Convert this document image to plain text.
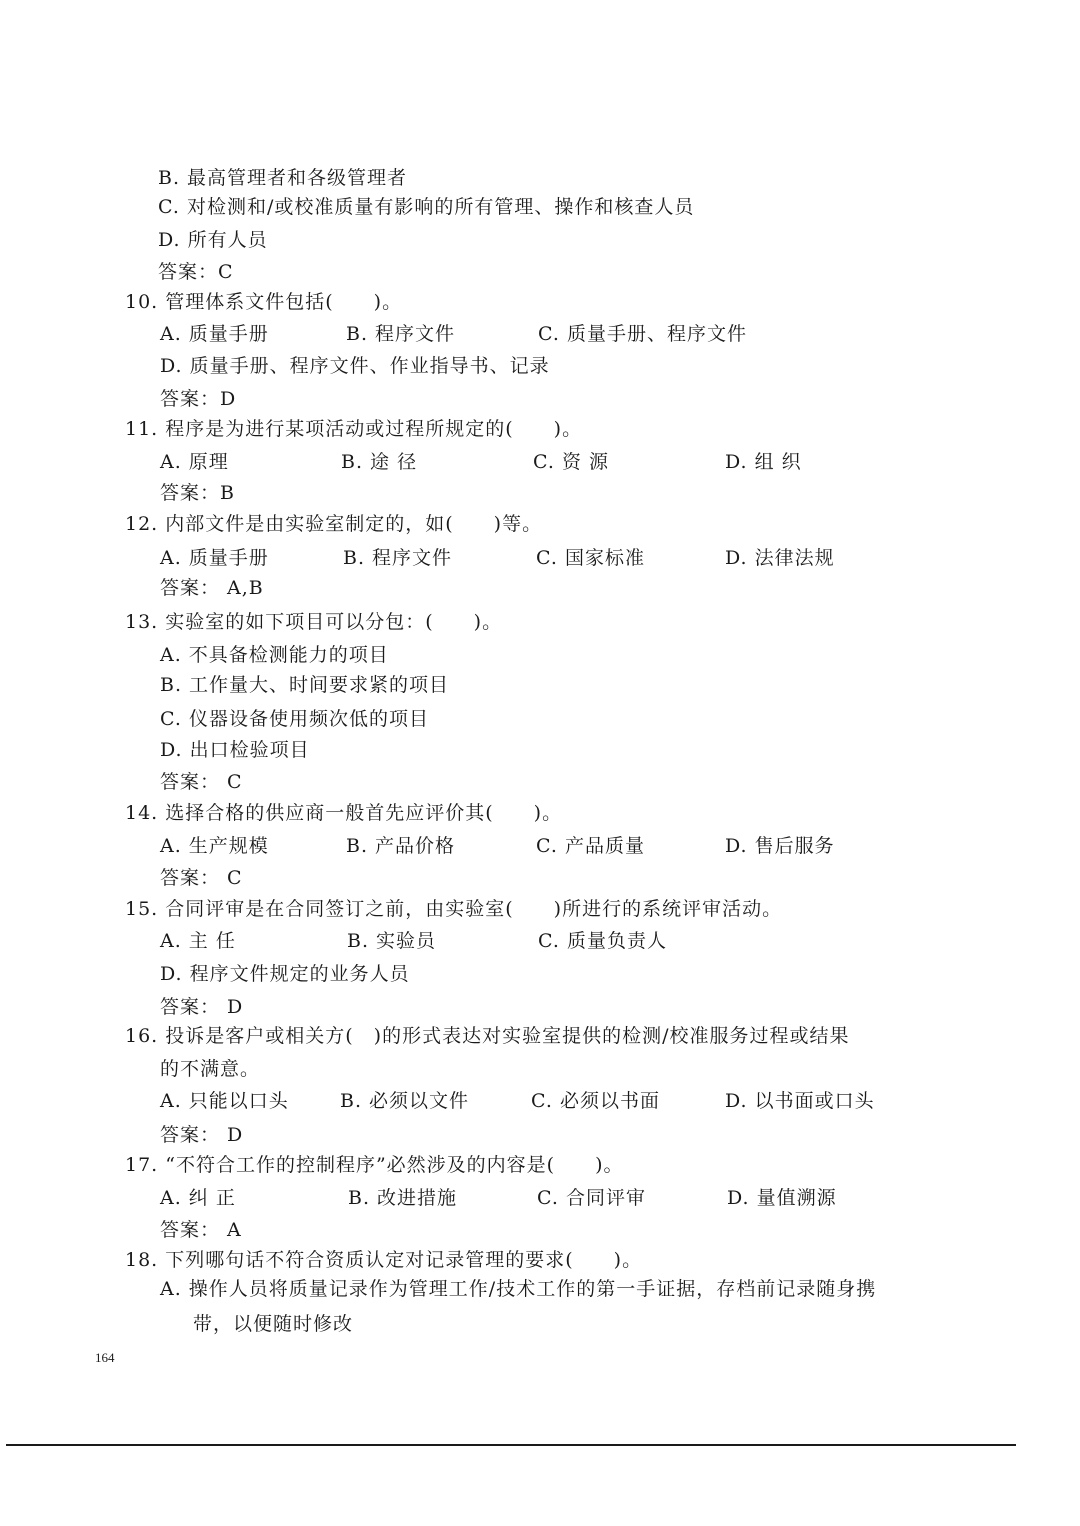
B. 最高管理者和各级管理者
C. 对检测和/或校准质量有影响的所有管理、操作和核查人员
D. 所有人员
答案：C
10. 管理体系文件包括(　　)。
A. 质量手册	B. 程序文件	C. 质量手册、程序文件
D. 质量手册、程序文件、作业指导书、记录
答案：D
11. 程序是为进行某项活动或过程所规定的(　　)。
A. 原理	B. 途 径	C. 资 源	D. 组 织
答案：B
12. 内部文件是由实验室制定的，如(　　)等。
A. 质量手册	B. 程序文件	C. 国家标准	D. 法律法规
答案： A,B
13. 实验室的如下项目可以分包：(　　)。
A. 不具备检测能力的项目
B. 工作量大、时间要求紧的项目
C. 仪器设备使用频次低的项目
D. 出口检验项目
答案： C
14. 选择合格的供应商一般首先应评价其(　　)。
A. 生产规模	B. 产品价格	C. 产品质量	D. 售后服务
答案： C
15. 合同评审是在合同签订之前，由实验室(　　)所进行的系统评审活动。
A. 主 任	B. 实验员	C. 质量负责人
D. 程序文件规定的业务人员
答案： D
16. 投诉是客户或相关方(　)的形式表达对实验室提供的检测/校准服务过程或结果
的不满意。
A. 只能以口头	B. 必须以文件	C. 必须以书面	D. 以书面或口头
答案： D
17. “不符合工作的控制程序”必然涉及的内容是(　　)。
A. 纠 正	B. 改进措施	C. 合同评审	D. 量值溯源
答案： A
18. 下列哪句话不符合资质认定对记录管理的要求(　　)。
A. 操作人员将质量记录作为管理工作/技术工作的第一手证据，存档前记录随身携
带，以便随时修改
164
